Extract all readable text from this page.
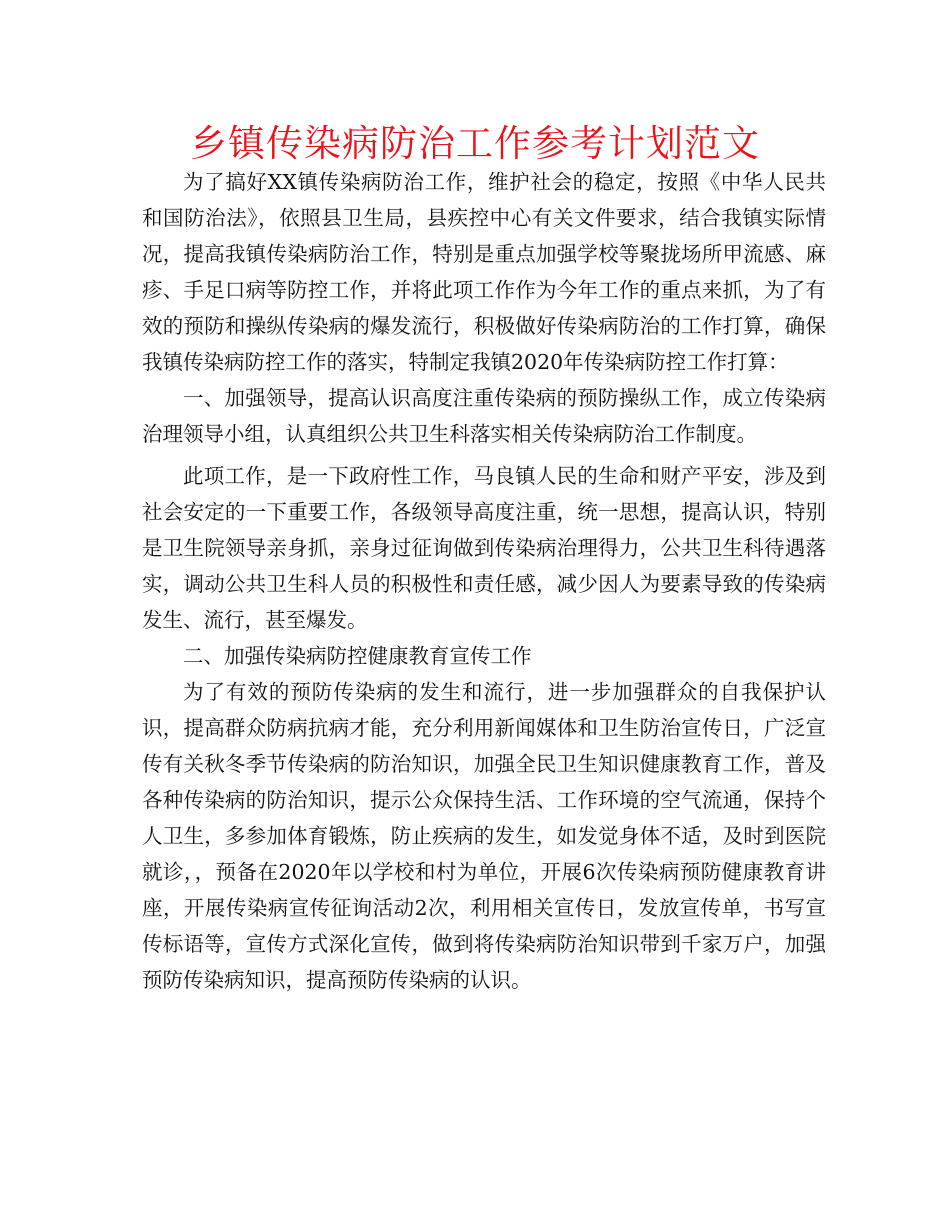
乡镇传染病防治工作参考计划范文

为了搞好XX镇传染病防治工作，维护社会的稳定，按照《中华人民共和国防治法》，依照县卫生局，县疾控中心有关文件要求，结合我镇实际情况，提高我镇传染病防治工作，特别是重点加强学校等聚拢场所甲流感、麻疹、手足口病等防控工作，并将此项工作作为今年工作的重点来抓，为了有效的预防和操纵传染病的爆发流行，积极做好传染病防治的工作打算，确保我镇传染病防控工作的落实，特制定我镇2020年传染病防控工作打算：

一、加强领导，提高认识高度注重传染病的预防操纵工作，成立传染病治理领导小组，认真组织公共卫生科落实相关传染病防治工作制度。

此项工作，是一下政府性工作，马良镇人民的生命和财产平安，涉及到社会安定的一下重要工作，各级领导高度注重，统一思想，提高认识，特别是卫生院领导亲身抓，亲身过征询做到传染病治理得力，公共卫生科待遇落实，调动公共卫生科人员的积极性和责任感，减少因人为要素导致的传染病发生、流行，甚至爆发。

二、加强传染病防控健康教育宣传工作

为了有效的预防传染病的发生和流行，进一步加强群众的自我保护认识，提高群众防病抗病才能，充分利用新闻媒体和卫生防治宣传日，广泛宣传有关秋冬季节传染病的防治知识，加强全民卫生知识健康教育工作，普及各种传染病的防治知识，提示公众保持生活、工作环境的空气流通，保持个人卫生，多参加体育锻炼，防止疾病的发生，如发觉身体不适，及时到医院就诊，，预备在2020年以学校和村为单位，开展6次传染病预防健康教育讲座，开展传染病宣传征询活动2次，利用相关宣传日，发放宣传单，书写宣传标语等，宣传方式深化宣传，做到将传染病防治知识带到千家万户，加强预防传染病知识，提高预防传染病的认识。
